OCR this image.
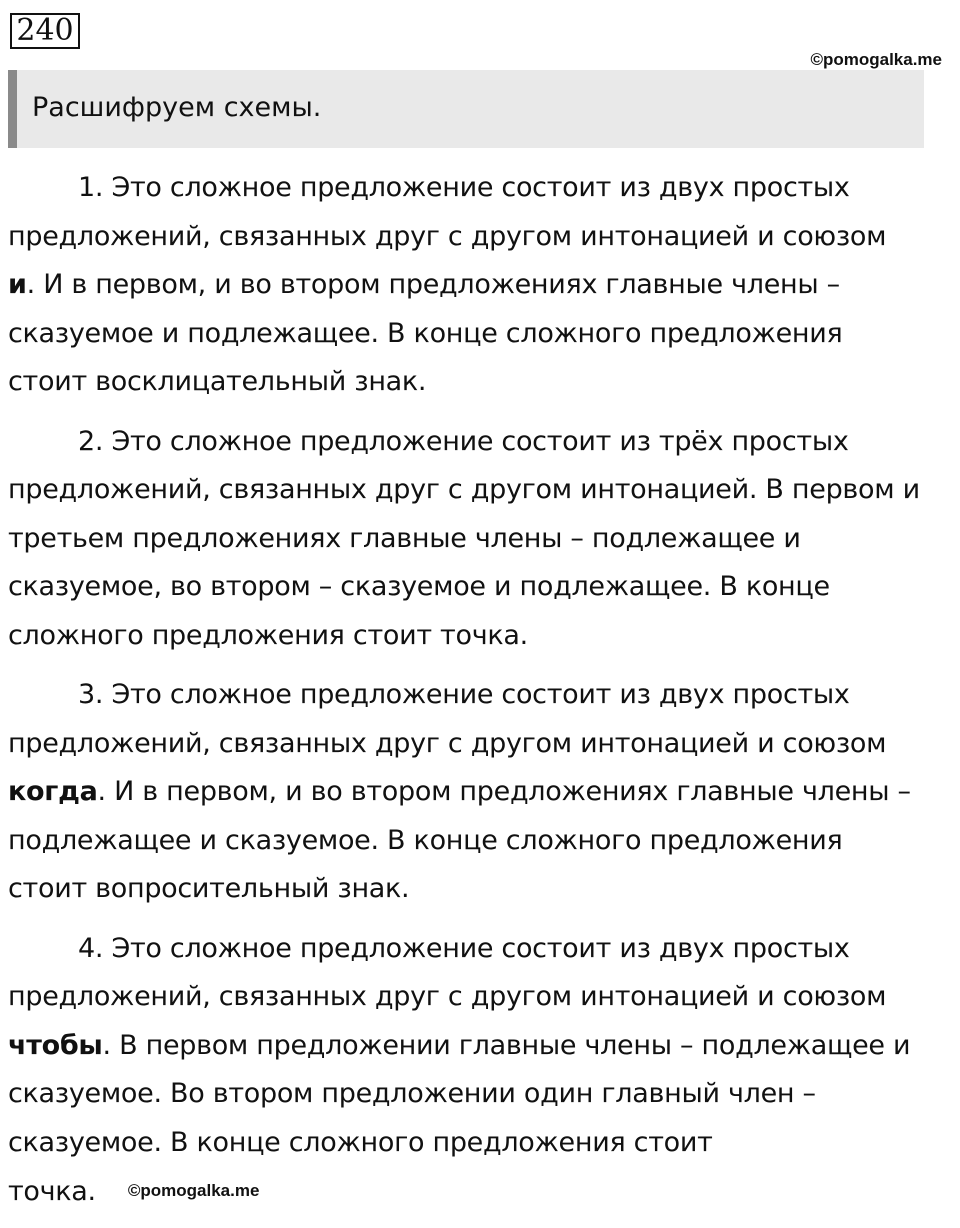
240
©pomogalka.me
Расшифруем схемы.

1. Это сложное предложение состоит из двух простых предложений, связанных друг с другом интонацией и союзом и. И в первом, и во втором предложениях главные члены – сказуемое и подлежащее. В конце сложного предложения стоит восклицательный знак.

2. Это сложное предложение состоит из трёх простых предложений, связанных друг с другом интонацией. В первом и третьем предложениях главные члены – подлежащее и сказуемое, во втором – сказуемое и подлежащее. В конце сложного предложения стоит точка.

3. Это сложное предложение состоит из двух простых предложений, связанных друг с другом интонацией и союзом когда. И в первом, и во втором предложениях главные члены – подлежащее и сказуемое. В конце сложного предложения стоит вопросительный знак.

4. Это сложное предложение состоит из двух простых предложений, связанных друг с другом интонацией и союзом чтобы. В первом предложении главные члены – подлежащее и сказуемое. Во втором предложении один главный член – сказуемое. В конце сложного предложения стоит точка. ©pomogalka.me
